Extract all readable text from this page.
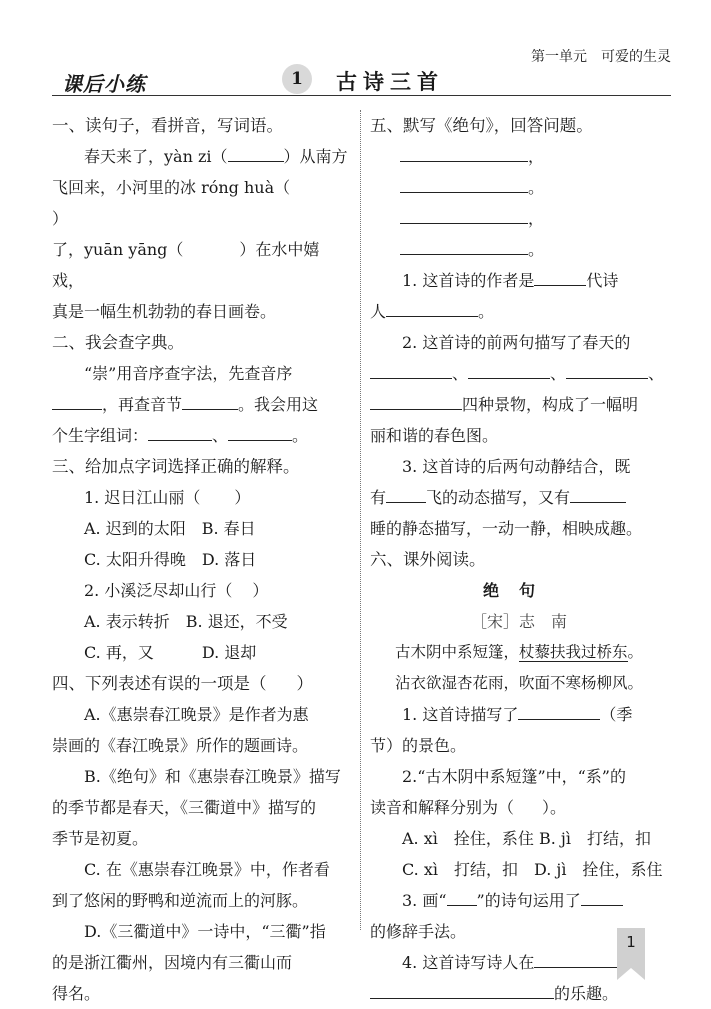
第一单元　可爱的生灵
课后小练	1	古诗三首

一、读句子，看拼音，写词语。

春天来了，yàn zi（	）从南方

飞回来，小河里的冰 róng huà（）

了，yuān yāng（	）在水中嬉戏，

真是一幅生机勃勃的春日画卷。

二、我会查字典。

“崇”用音序查字法，先查音序

，再查音节	。我会用这

个生字组词：	、	。

三、给加点字词选择正确的解释。

1. 迟日江山丽（ ）

A. 迟到的太阳　B. 春日

C. 太阳升得晚　D. 落日

2. 小溪泛尽却山行（ ）

A. 表示转折　B. 退还，不受

C. 再，又　　　D. 退却

四、下列表述有误的一项是（ ）

A.《惠崇春江晚景》是作者为惠

崇画的《春江晚景》所作的题画诗。

B.《绝句》和《惠崇春江晚景》描写

的季节都是春天，《三衢道中》描写的

季节是初夏。

C. 在《惠崇春江晚景》中，作者看

到了悠闲的野鸭和逆流而上的河豚。

D.《三衢道中》一诗中，“三衢”指

的是浙江衢州，因境内有三衢山而

得名。

五、默写《绝句》，回答问题。

，。

，。

1. 这首诗的作者是	代诗

人	。

2. 这首诗的前两句描写了春天的

、	、	、

四种景物，构成了一幅明

丽和谐的春色图。

3. 这首诗的后两句动静结合，既

有	飞的动态描写，又有

睡的静态描写，一动一静，相映成趣。

六、课外阅读。

绝句

［宋］志　南

古木阴中系短篷，杖藜扶我过桥东。

沾衣欲湿杏花雨，吹面不寒杨柳风。

1. 这首诗描写了	（季

节）的景色。

2.“古木阴中系短篷”中，“系”的

读音和解释分别为（ ）。

A. xì　拴住，系住 B. jì　打结，扣

C. xì　打结，扣　D. jì　拴住，系住

3. 画“ ”的诗句运用了

的修辞手法。

4. 这首诗写诗人在

的乐趣。

1
